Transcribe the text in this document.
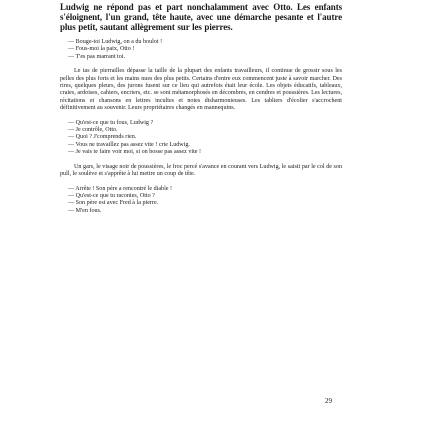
Ludwig ne répond pas et part nonchalamment avec Otto. Les enfants s'éloignent, l'un grand, tête haute, avec une démarche pesante et l'autre plus petit, sautant allègrement sur les pierres.

— Bouge-toi Ludwig, on a du boulot !
— Fous-moi la paix, Otto !
— T'es pas marrant toi.

Le tas de pierrailles dépasse la taille de la plupart des enfants travailleurs, il continue de grossir sous les pelles des plus forts et les mains nues des plus petits. Certains d'entre eux commencent juste à savoir marcher. Des rires, quelques pleurs, des jurons fusent sur ce lieu qui autrefois était leur école. Les objets éducatifs, tableaux, craies, ardoises, cahiers, encriers, etc. se sont métamorphosés en décombres, en cendres et poussières. Les lectures, récitations et chansons en lettres incultes et notes disharmonieuses. Les tabliers d'écolier s'accrochent définitivement au souvenir. Leurs propriétaires changés en mannequins.

— Qu'est-ce que tu fous, Ludwig ?
— Je contrôle, Otto.
— Quoi ? J'comprends rien.
— Vous ne travaillez pas assez vite ! crie Ludwig.
— Je vais te faire voir moi, si on bosse pas assez vite !

Un gars, le visage noir de poussières, le froc percé s'avance en courant vers Ludwig, le saisit par le col de son pull, le soulève et s'apprête à lui mettre un coup de tête.

— Arrête ! Son père a rencontré le diable !
— Qu'est-ce que tu racontes, Otto ?
— Son père est avec Fred à la pierre.
— M'en fous.
29
